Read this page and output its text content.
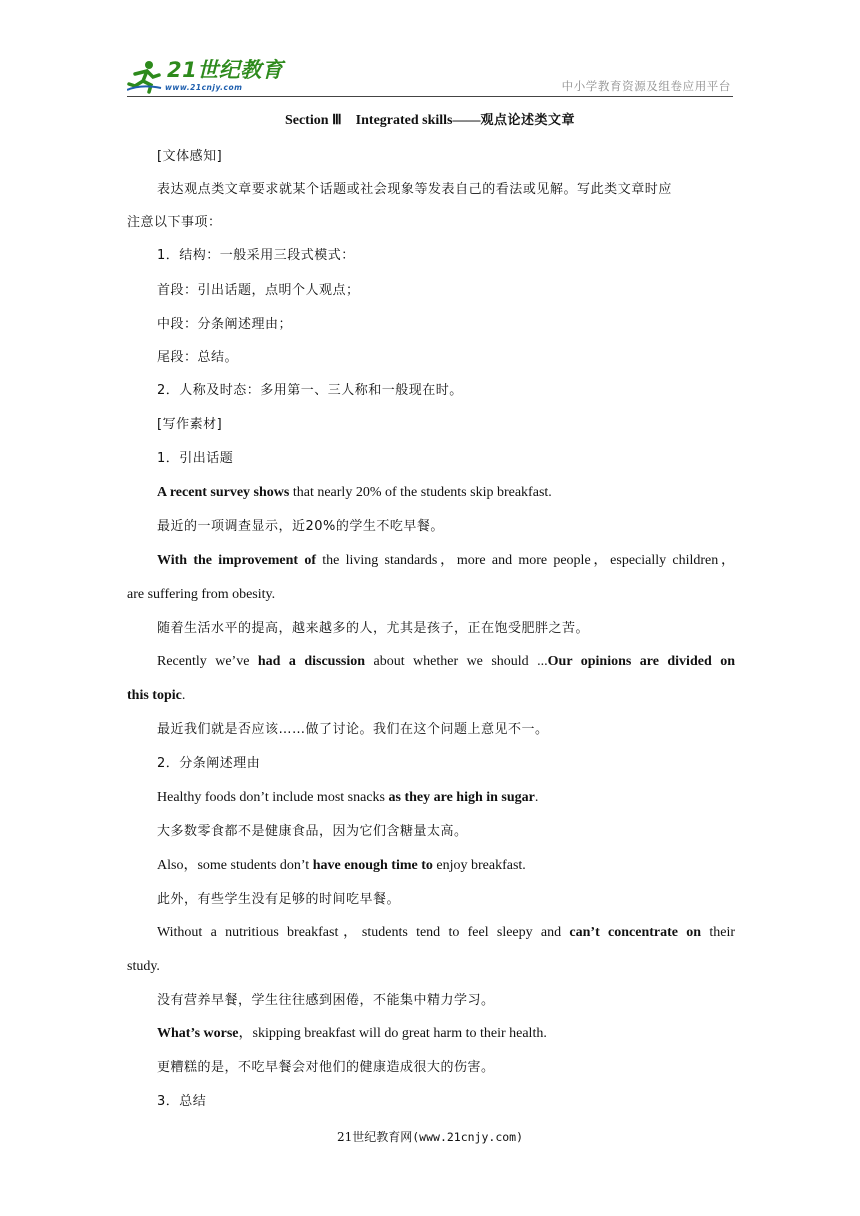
21世纪教育
www.21cnjy.com	中小学教育资源及组卷应用平台
Section Ⅲ　Integrated skills——观点论述类文章
[文体感知]
表达观点类文章要求就某个话题或社会现象等发表自己的看法或见解。写此类文章时应
注意以下事项：
1．结构：一般采用三段式模式：
首段：引出话题，点明个人观点；
中段：分条阐述理由；
尾段：总结。
2．人称及时态：多用第一、三人称和一般现在时。
[写作素材]
1．引出话题
A recent survey shows that nearly 20% of the students skip breakfast.
最近的一项调查显示，近20%的学生不吃早餐。
With the improvement of the living standards，more and more people，especially children，
are suffering from obesity.
随着生活水平的提高，越来越多的人，尤其是孩子，正在饱受肥胖之苦。
Recently we’ve had a discussion about whether we should ...Our opinions are divided on
this topic.
最近我们就是否应该……做了讨论。我们在这个问题上意见不一。
2．分条阐述理由
Healthy foods don’t include most snacks as they are high in sugar.
大多数零食都不是健康食品，因为它们含糖量太高。
Also，some students don’t have enough time to enjoy breakfast.
此外，有些学生没有足够的时间吃早餐。
Without a nutritious breakfast，students tend to feel sleepy and can’t concentrate on their
study.
没有营养早餐，学生往往感到困倦，不能集中精力学习。
What’s worse，skipping breakfast will do great harm to their health.
更糟糕的是，不吃早餐会对他们的健康造成很大的伤害。
3．总结
21世纪教育网(www.21cnjy.com)
